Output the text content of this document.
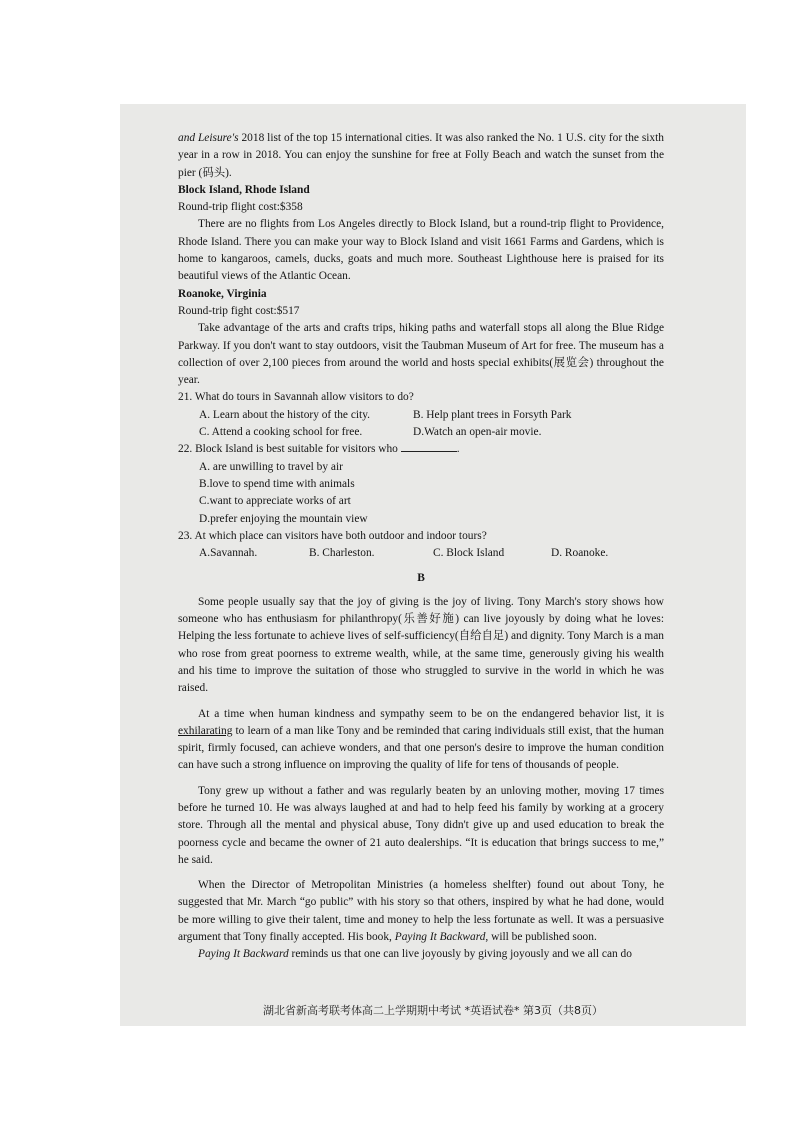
and Leisure's 2018 list of the top 15 international cities. It was also ranked the No. 1 U.S. city for the sixth year in a row in 2018. You can enjoy the sunshine for free at Folly Beach and watch the sunset from the pier (码头).

Block Island, Rhode Island

Round-trip flight cost:$358

There are no flights from Los Angeles directly to Block Island, but a round-trip flight to Providence, Rhode Island. There you can make your way to Block Island and visit 1661 Farms and Gardens, which is home to kangaroos, camels, ducks, goats and much more. Southeast Lighthouse here is praised for its beautiful views of the Atlantic Ocean.

Roanoke, Virginia

Round-trip fight cost:$517

Take advantage of the arts and crafts trips, hiking paths and waterfall stops all along the Blue Ridge Parkway. If you don't want to stay outdoors, visit the Taubman Museum of Art for free. The museum has a collection of over 2,100 pieces from around the world and hosts special exhibits(展览会) throughout the year.

21. What do tours in Savannah allow visitors to do?

A. Learn about the history of the city.	B. Help plant trees in Forsyth Park
C. Attend a cooking school for free.	D.Watch an open-air movie.

22. Block Island is best suitable for visitors who	.

A. are unwilling to travel by air

B.love to spend time with animals

C.want to appreciate works of art

D.prefer enjoying the mountain view

23. At which place can visitors have both outdoor and indoor tours?

A.Savannah.	B. Charleston.	C. Block Island	D. Roanoke.
B

Some people usually say that the joy of giving is the joy of living. Tony March's story shows how someone who has enthusiasm for philanthropy(乐善好施) can live joyously by doing what he loves: Helping the less fortunate to achieve lives of self-sufficiency(自给自足) and dignity. Tony March is a man who rose from great poorness to extreme wealth, while, at the same time, generously giving his wealth and his time to improve the suitation of those who struggled to survive in the world in which he was raised.

At a time when human kindness and sympathy seem to be on the endangered behavior list, it is exhilarating to learn of a man like Tony and be reminded that caring individuals still exist, that the human spirit, firmly focused, can achieve wonders, and that one person's desire to improve the human condition can have such a strong influence on improving the quality of life for tens of thousands of people.

Tony grew up without a father and was regularly beaten by an unloving mother, moving 17 times before he turned 10. He was always laughed at and had to help feed his family by working at a grocery store. Through all the mental and physical abuse, Tony didn't give up and used education to break the poorness cycle and became the owner of 21 auto dealerships. “It is education that brings success to me,” he said.

When the Director of Metropolitan Ministries (a homeless shelfter) found out about Tony, he suggested that Mr. March “go public” with his story so that others, inspired by what he had done, would be more willing to give their talent, time and money to help the less fortunate as well. It was a persuasive argument that Tony finally accepted. His book, Paying It Backward, will be published soon.

Paying It Backward reminds us that one can live joyously by giving joyously and we all can do

湖北省新高考联考体高二上学期期中考试 *英语试卷* 第3页（共8页）
